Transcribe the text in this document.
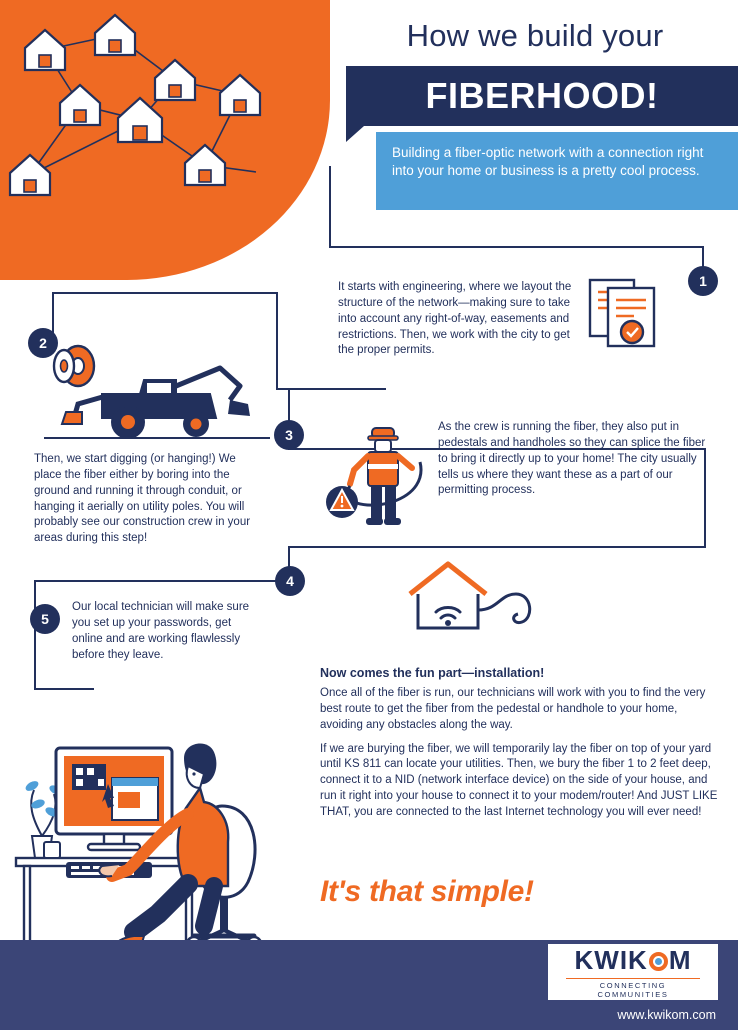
How we build your
FIBERHOOD!

Building a fiber-optic network with a connection right into your home or business is a pretty cool process.

1

It starts with engineering, where we layout the structure of the network—making sure to take into account any right-of-way, easements and restrictions. Then, we work with the city to get the proper permits.

2

Then, we start digging (or hanging!) We place the fiber either by boring into the ground and running it through conduit, or hanging it aerially on utility poles. You will probably see our construction crew in your areas during this step!

3	As the crew is running the fiber, they also put in pedestals and handholes so they can splice the fiber to bring it directly up to your home! The city usually tells us where they want these as a part of our permitting process.

4
5

Our local technician will make sure you set up your passwords, get online and are working flawlessly before they leave.

Now comes the fun part—installation!

Once all of the fiber is run, our technicians will work with you to find the very best route to get the fiber from the pedestal or handhole to your home, avoiding any obstacles along the way.

If we are burying the fiber, we will temporarily lay the fiber on top of your yard until KS 811 can locate your utilities. Then, we bury the fiber 1 to 2 feet deep, connect it to a NID (network interface device) on the side of your house, and run it right into your house to connect it to your modem/router! And JUST LIKE THAT, you are connected to the last Internet technology you will ever need!

It's that simple!
KWIK M
CONNECTING COMMUNITIES
www.kwikom.com
